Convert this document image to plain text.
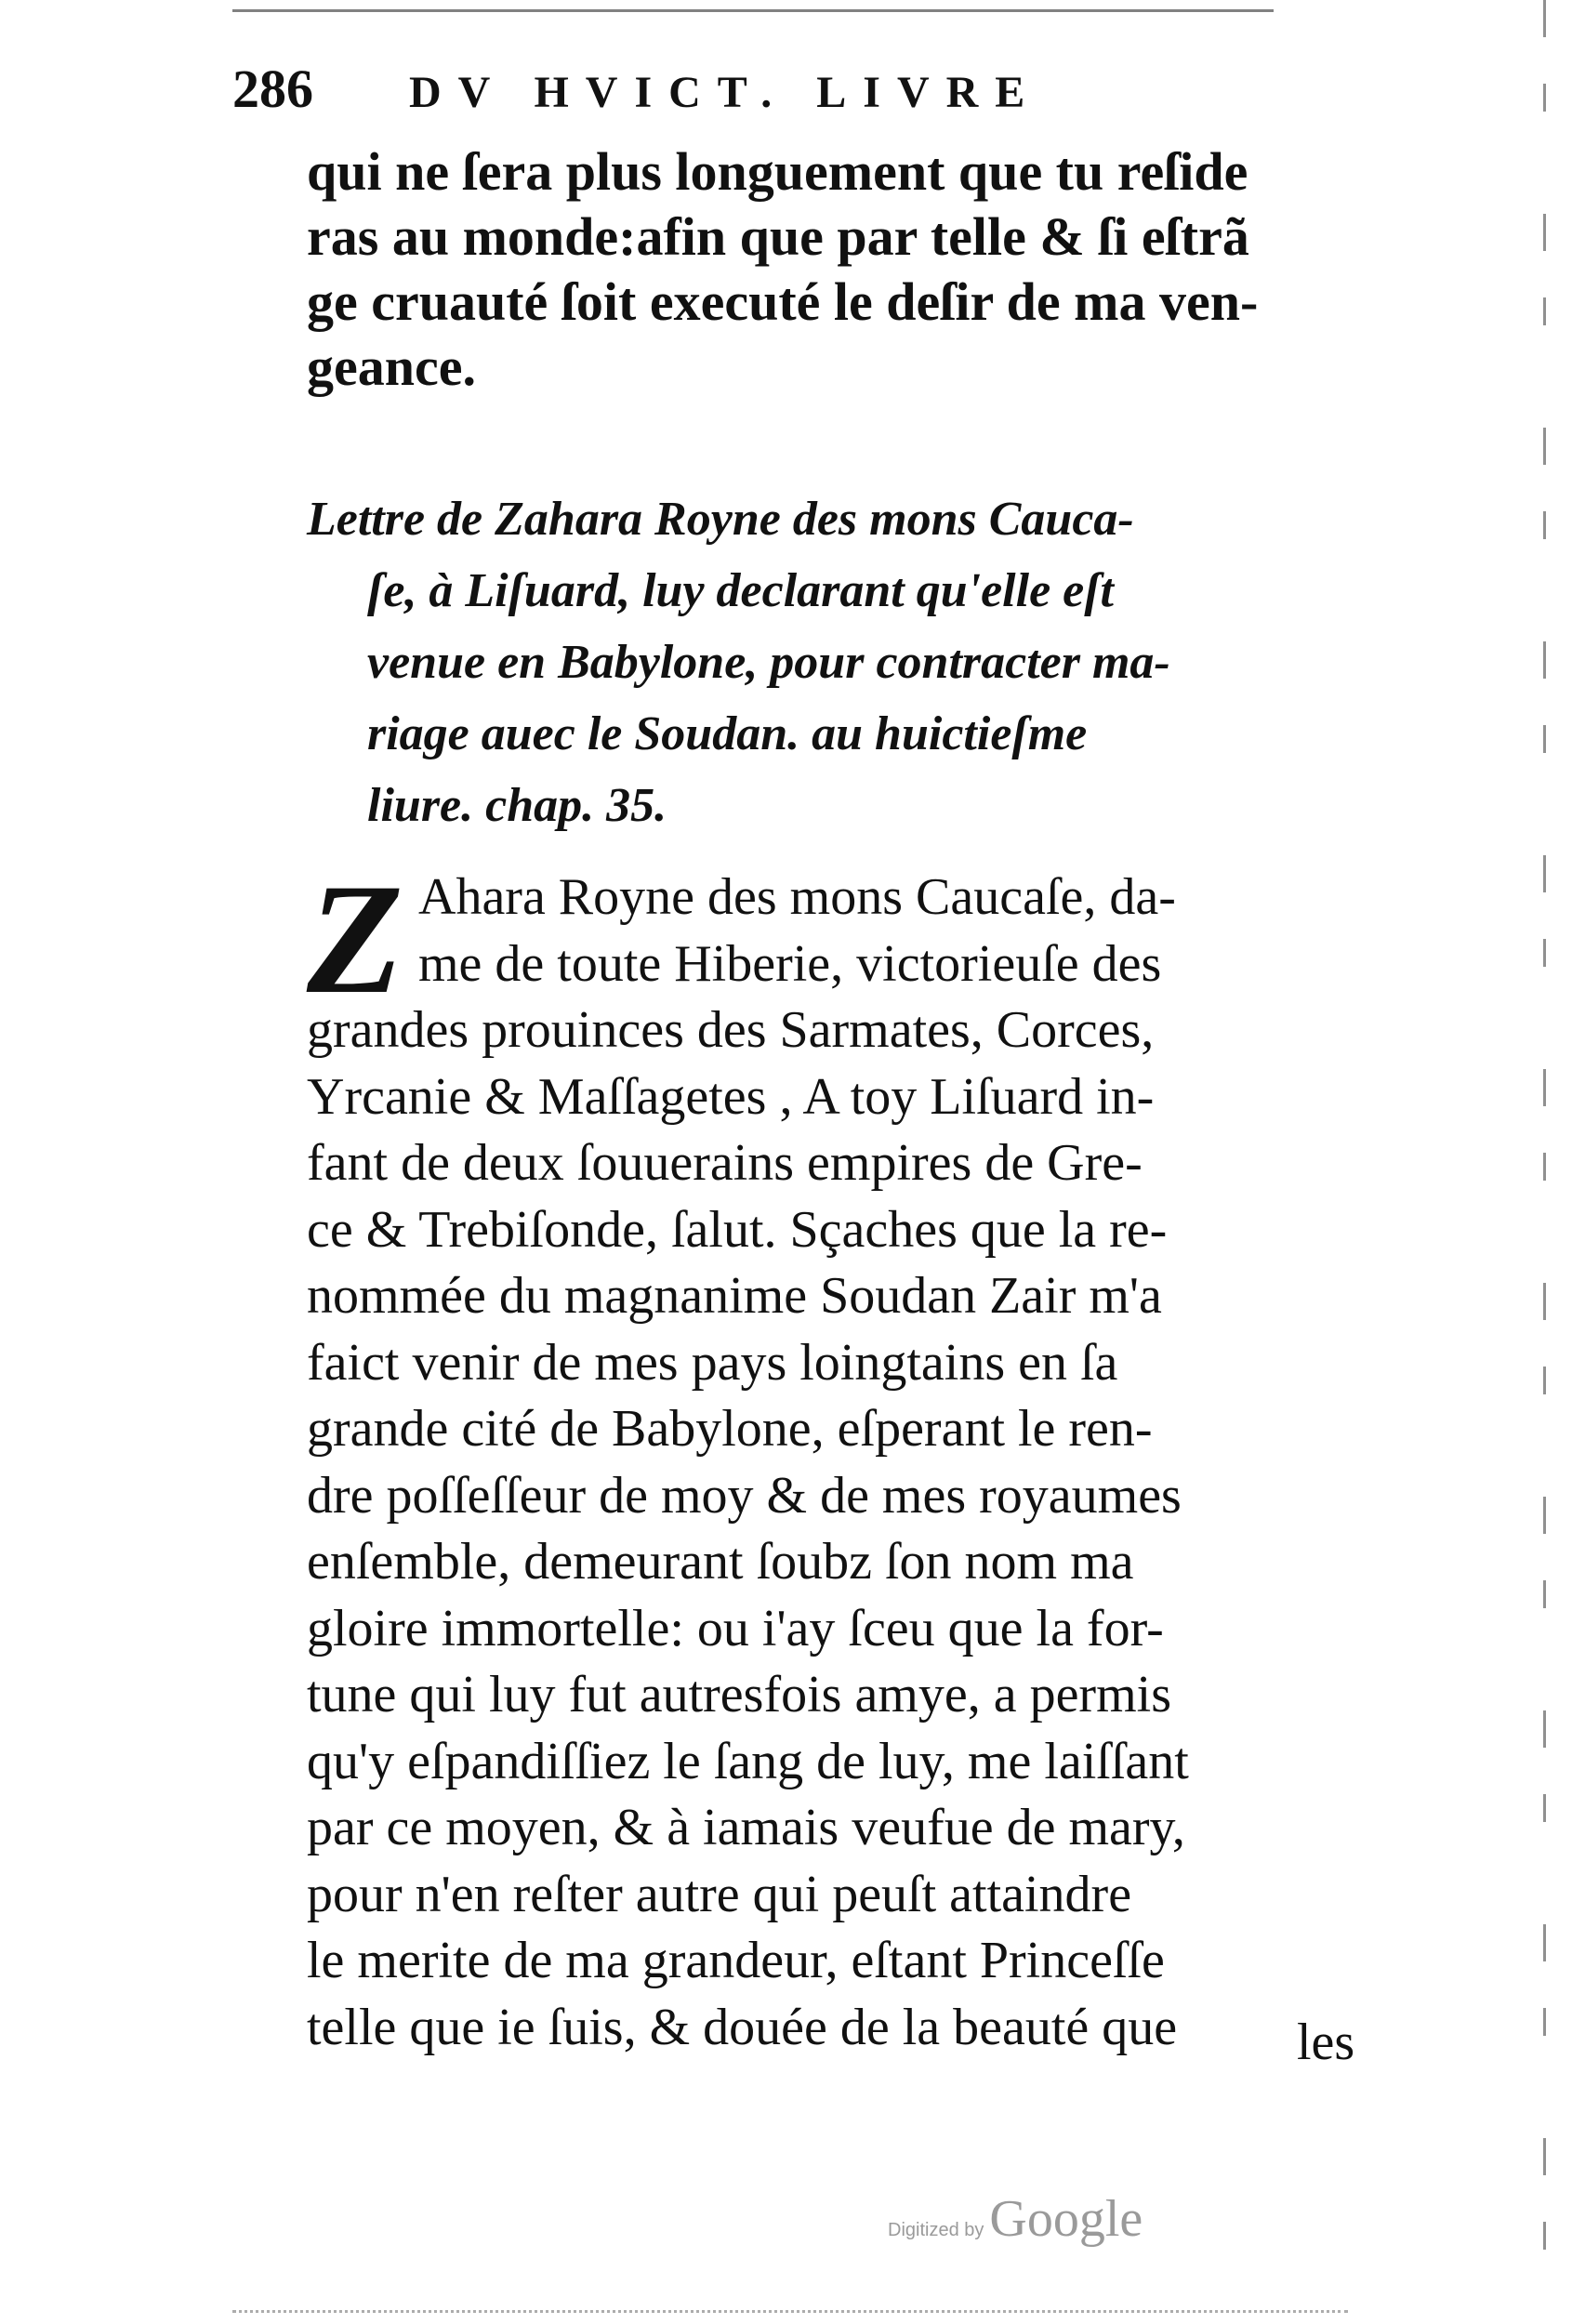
286	DV HVICT. LIVRE
qui ne ſera plus longuement que tu reſide
ras au monde:afin que par telle & ſi eſtrã
ge cruauté ſoit executé le deſir de ma ven-
geance.
Lettre de Zahara Royne des mons Cauca-
ſe, à Liſuard, luy declarant qu'elle eſt
venue en Babylone, pour contracter ma-
riage auec le Soudan. au huictieſme
liure. chap. 35.
Z Ahara Royne des mons Caucaſe, da-
me de toute Hiberie, victorieuſe des
grandes prouinces des Sarmates, Corces,
Yrcanie & Maſſagetes , A toy Liſuard in-
fant de deux ſouuerains empires de Gre-
ce & Trebiſonde, ſalut. Sçaches que la re-
nommée du magnanime Soudan Zair m'a
faict venir de mes pays loingtains en ſa
grande cité de Babylone, eſperant le ren-
dre poſſeſſeur de moy & de mes royaumes
enſemble, demeurant ſoubz ſon nom ma
gloire immortelle: ou i'ay ſceu que la for-
tune qui luy fut autresfois amye, a permis
qu'y eſpandiſſiez le ſang de luy, me laiſſant
par ce moyen, & à iamais veufue de mary,
pour n'en reſter autre qui peuſt attaindre
le merite de ma grandeur, eſtant Princeſſe
telle que ie ſuis, & douée de la beauté que	les
Digitized by Google
